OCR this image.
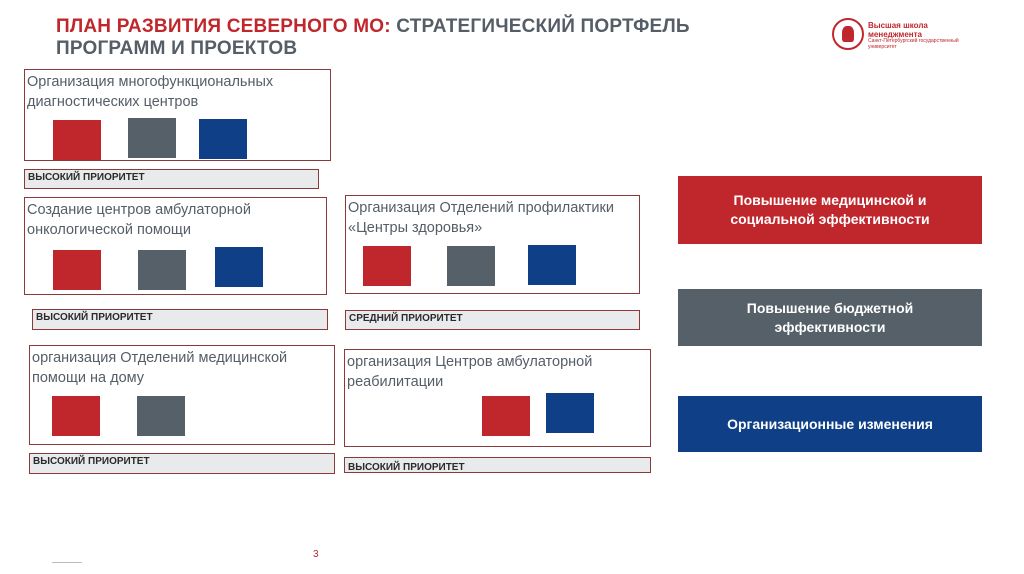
ПЛАН РАЗВИТИЯ СЕВЕРНОГО МО: СТРАТЕГИЧЕСКИЙ ПОРТФЕЛЬ ПРОГРАММ И ПРОЕКТОВ
Высшая школа менеджмента
Санкт-Петербургский государственный университет
Организация многофункциональных диагностических центров
ВЫСОКИЙ ПРИОРИТЕТ
Создание центров амбулаторной онкологической помощи
ВЫСОКИЙ ПРИОРИТЕТ
Организация Отделений профилактики «Центры здоровья»
СРЕДНИЙ ПРИОРИТЕТ
организация Отделений медицинской помощи на дому
ВЫСОКИЙ ПРИОРИТЕТ
организация Центров амбулаторной реабилитации
ВЫСОКИЙ ПРИОРИТЕТ
Повышение медицинской и социальной эффективности
Повышение бюджетной эффективности
Организационные изменения
3
